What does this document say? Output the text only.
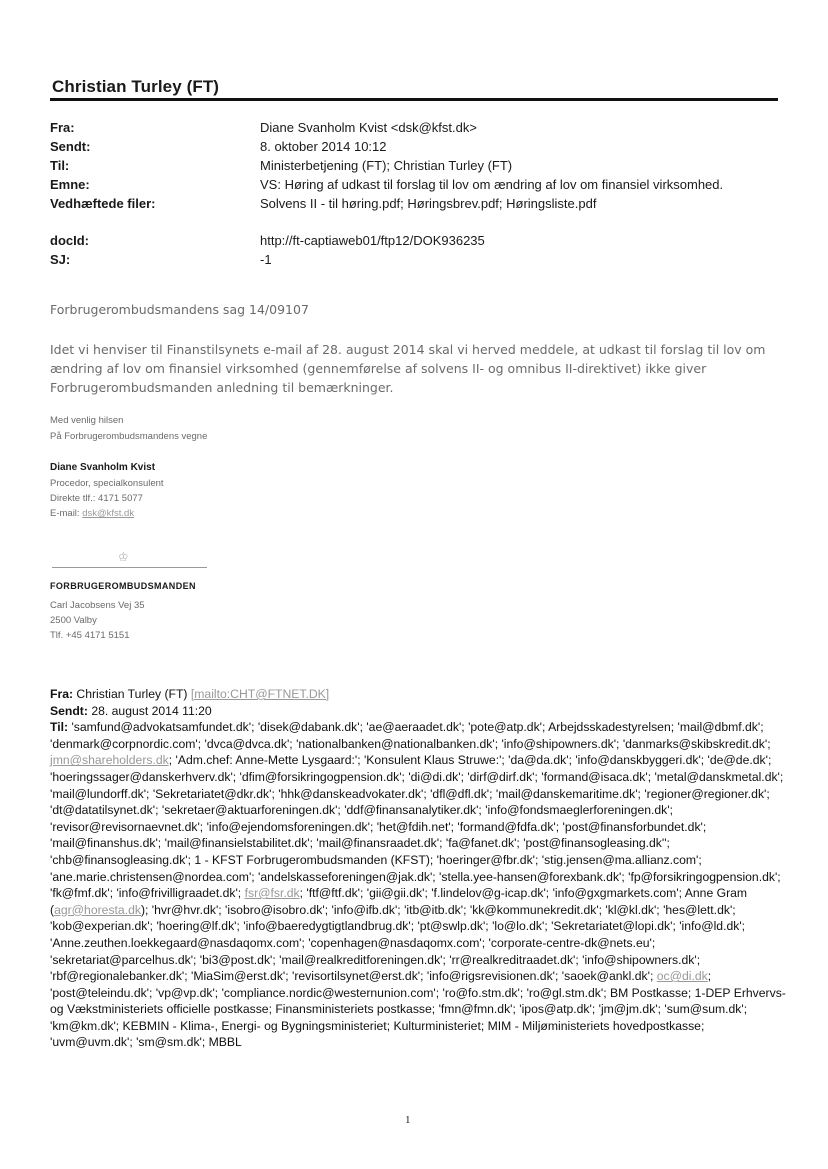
Christian Turley (FT)
Fra:	Diane Svanholm Kvist <dsk@kfst.dk>
Sendt:	8. oktober 2014 10:12
Til:	Ministerbetjening (FT); Christian Turley (FT)
Emne:	VS: Høring af udkast til forslag til lov om ændring af lov om finansiel virksomhed.
Vedhæftede filer:	Solvens II - til høring.pdf; Høringsbrev.pdf; Høringsliste.pdf
docId:	http://ft-captiaweb01/ftp12/DOK936235
SJ:	-1
Forbrugerombudsmandens sag 14/09107
Idet vi henviser til Finanstilsynets e-mail af 28. august 2014 skal vi herved meddele, at udkast til forslag til lov om ændring af lov om finansiel virksomhed (gennemførelse af solvens II- og omnibus II-direktivet) ikke giver Forbrugerombudsmanden anledning til bemærkninger.
Med venlig hilsen
På Forbrugerombudsmandens vegne
Diane Svanholm Kvist
Procedor, specialkonsulent
Direkte tlf.: 4171 5077
E-mail: dsk@kfst.dk
♔
FORBRUGEROMBUDSMANDEN
Carl Jacobsens Vej 35
2500 Valby
Tlf. +45 4171 5151
Fra: Christian Turley (FT) [mailto:CHT@FTNET.DK]
Sendt: 28. august 2014 11:20
Til: 'samfund@advokatsamfundet.dk'; 'disek@dabank.dk'; 'ae@aeraadet.dk'; 'pote@atp.dk'; Arbejdsskadestyrelsen; 'mail@dbmf.dk'; 'denmark@corpnordic.com'; 'dvca@dvca.dk'; 'nationalbanken@nationalbanken.dk'; 'info@shipowners.dk'; 'danmarks@skibskredit.dk'; jmn@shareholders.dk; 'Adm.chef: Anne-Mette Lysgaard:'; 'Konsulent Klaus Struwe:'; 'da@da.dk'; 'info@danskbyggeri.dk'; 'de@de.dk'; 'hoeringssager@danskerhverv.dk'; 'dfim@forsikringogpension.dk'; 'di@di.dk'; 'dirf@dirf.dk'; 'formand@isaca.dk'; 'metal@danskmetal.dk'; 'mail@lundorff.dk'; 'Sekretariatet@dkr.dk'; 'hhk@danskeadvokater.dk'; 'dfl@dfl.dk'; 'mail@danskemaritime.dk'; 'regioner@regioner.dk'; 'dt@datatilsynet.dk'; 'sekretaer@aktuarforeningen.dk'; 'ddf@finansanalytiker.dk'; 'info@fondsmaeglerforeningen.dk'; 'revisor@revisornaevnet.dk'; 'info@ejendomsforeningen.dk'; 'het@fdih.net'; 'formand@fdfa.dk'; 'post@finansforbundet.dk'; 'mail@finanshus.dk'; 'mail@finansielstabilitet.dk'; 'mail@finansraadet.dk'; 'fa@fanet.dk'; 'post@finansogleasing.dk''; 'chb@finansogleasing.dk'; 1 - KFST Forbrugerombudsmanden (KFST); 'hoeringer@fbr.dk'; 'stig.jensen@ma.allianz.com'; 'ane.marie.christensen@nordea.com'; 'andelskasseforeningen@jak.dk'; 'stella.yee-hansen@forexbank.dk'; 'fp@forsikringogpension.dk'; 'fk@fmf.dk'; 'info@frivilligraadet.dk'; fsr@fsr.dk; 'ftf@ftf.dk'; 'gii@gii.dk'; 'f.lindelov@g-icap.dk'; 'info@gxgmarkets.com'; Anne Gram (agr@horesta.dk); 'hvr@hvr.dk'; 'isobro@isobro.dk'; 'info@ifb.dk'; 'itb@itb.dk'; 'kk@kommunekredit.dk'; 'kl@kl.dk'; 'hes@lett.dk'; 'kob@experian.dk'; 'hoering@lf.dk'; 'info@baeredygtigtlandbrug.dk'; 'pt@swlp.dk'; 'lo@lo.dk'; 'Sekretariatet@lopi.dk'; 'info@ld.dk'; 'Anne.zeuthen.loekkegaard@nasdaqomx.com'; 'copenhagen@nasdaqomx.com'; 'corporate-centre-dk@nets.eu'; 'sekretariat@parcelhus.dk'; 'bi3@post.dk'; 'mail@realkreditforeningen.dk'; 'rr@realkreditraadet.dk'; 'info@shipowners.dk'; 'rbf@regionalebanker.dk'; 'MiaSim@erst.dk'; 'revisortilsynet@erst.dk'; 'info@rigsrevisionen.dk'; 'saoek@ankl.dk'; oc@di.dk; 'post@teleindu.dk'; 'vp@vp.dk'; 'compliance.nordic@westernunion.com'; 'ro@fo.stm.dk'; 'ro@gl.stm.dk'; BM Postkasse; 1-DEP Erhvervs- og Vækstministeriets officielle postkasse; Finansministeriets postkasse; 'fmn@fmn.dk'; 'ipos@atp.dk'; 'jm@jm.dk'; 'sum@sum.dk'; 'km@km.dk'; KEBMIN - Klima-, Energi- og Bygningsministeriet; Kulturministeriet; MIM - Miljøministeriets hovedpostkasse; 'uvm@uvm.dk'; 'sm@sm.dk'; MBBL
1
